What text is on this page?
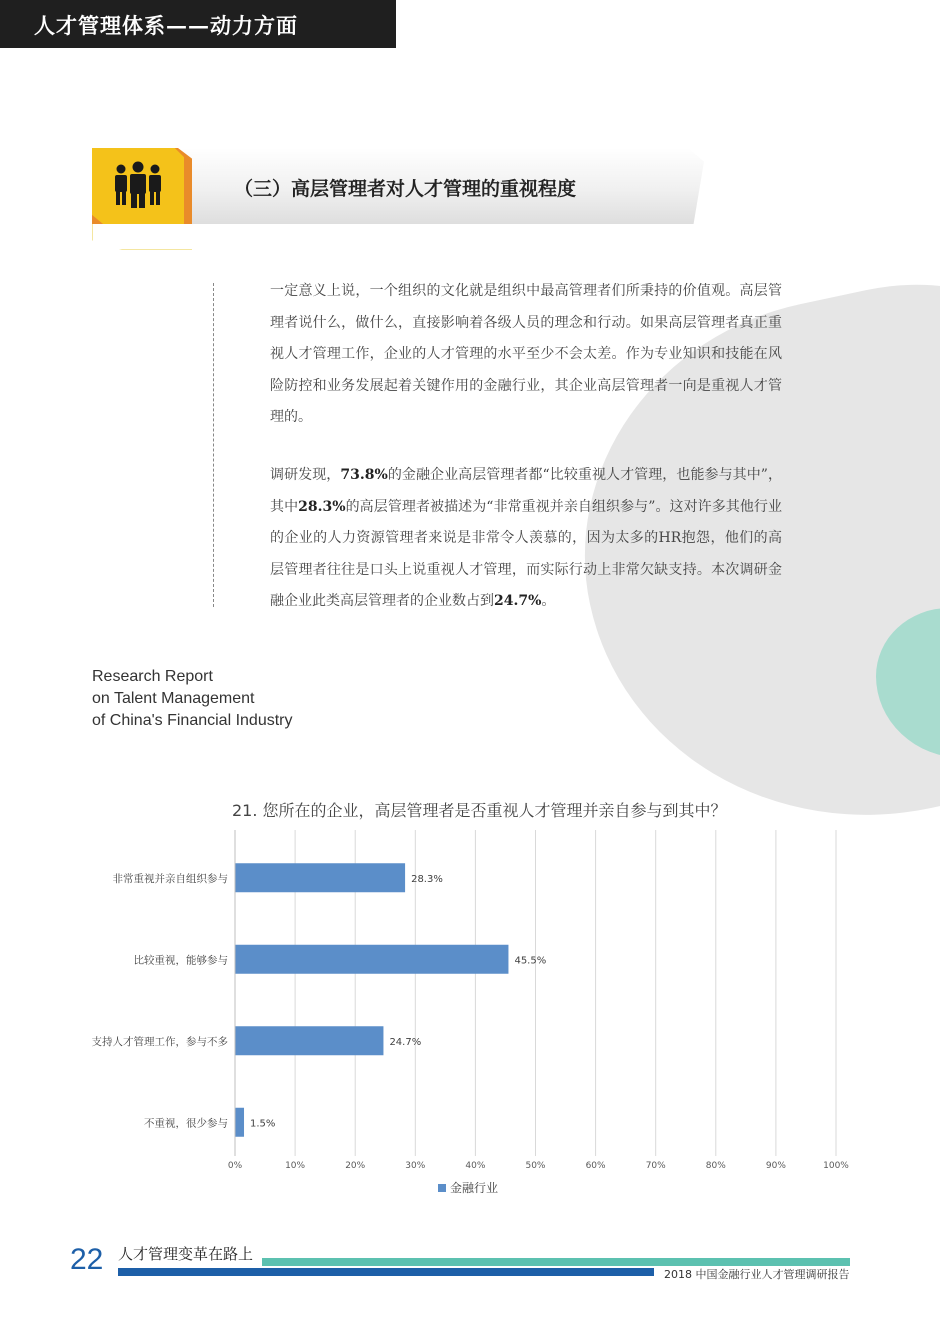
人才管理体系——动力方面
（三）高层管理者对人才管理的重视程度

一定意义上说，一个组织的文化就是组织中最高管理者们所秉持的价值观。高层管理者说什么，做什么，直接影响着各级人员的理念和行动。如果高层管理者真正重视人才管理工作，企业的人才管理的水平至少不会太差。作为专业知识和技能在风险防控和业务发展起着关键作用的金融行业，其企业高层管理者一向是重视人才管理的。

调研发现，73.8%的金融企业高层管理者都“比较重视人才管理，也能参与其中”，其中28.3%的高层管理者被描述为“非常重视并亲自组织参与”。这对许多其他行业的企业的人力资源管理者来说是非常令人羡慕的，因为太多的HR抱怨，他们的高层管理者往往是口头上说重视人才管理，而实际行动上非常欠缺支持。本次调研金融企业此类高层管理者的企业数占到24.7%。

Research Report
on Talent Management
of China's Financial Industry
21. 您所在的企业，高层管理者是否重视人才管理并亲自参与到其中？
0%	10%	20%	30%	40%	50%	60%	70%	80%	90%	100%
28.3%
非常重视并亲自组织参与
45.5%
比较重视，能够参与
24.7%
支持人才管理工作，参与不多
1.5%
不重视，很少参与
金融行业
22 人才管理变革在路上
2018 中国金融行业人才管理调研报告
